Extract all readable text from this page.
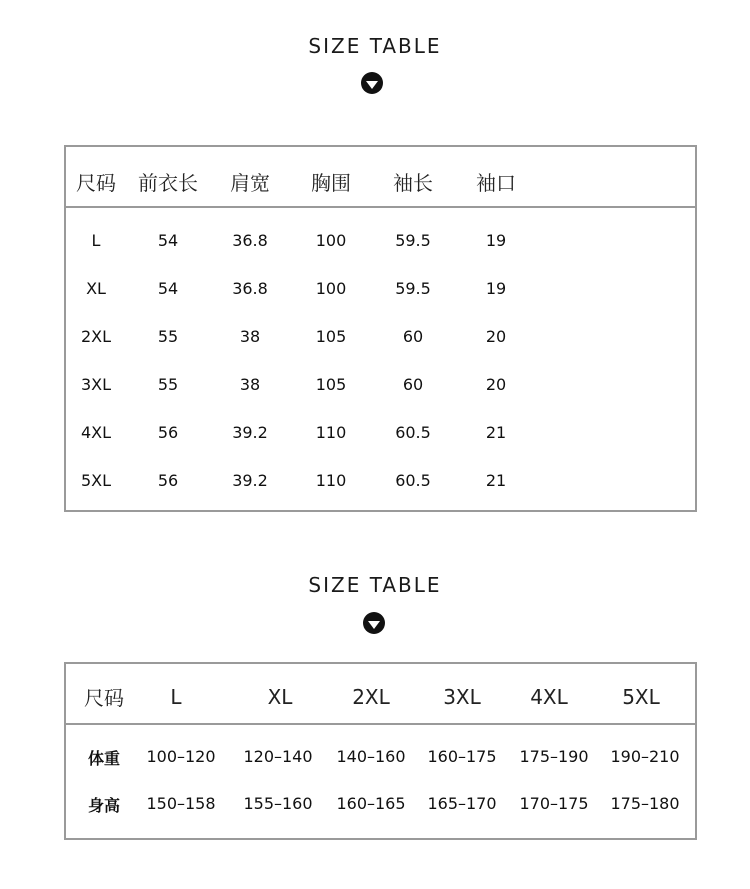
SIZE TABLE
尺码	前衣长	肩宽	胸围	袖长	袖口
L	54	36.8	100	59.5	19
XL	54	36.8	100	59.5	19
2XL	55	38	105	60	20
3XL	55	38	105	60	20
4XL	56	39.2	110	60.5	21
5XL	56	39.2	110	60.5	21
SIZE TABLE
尺码	L	XL	2XL	3XL	4XL	5XL
体重	100–120	120–140	140–160	160–175	175–190	190–210
身高	150–158	155–160	160–165	165–170	170–175	175–180
